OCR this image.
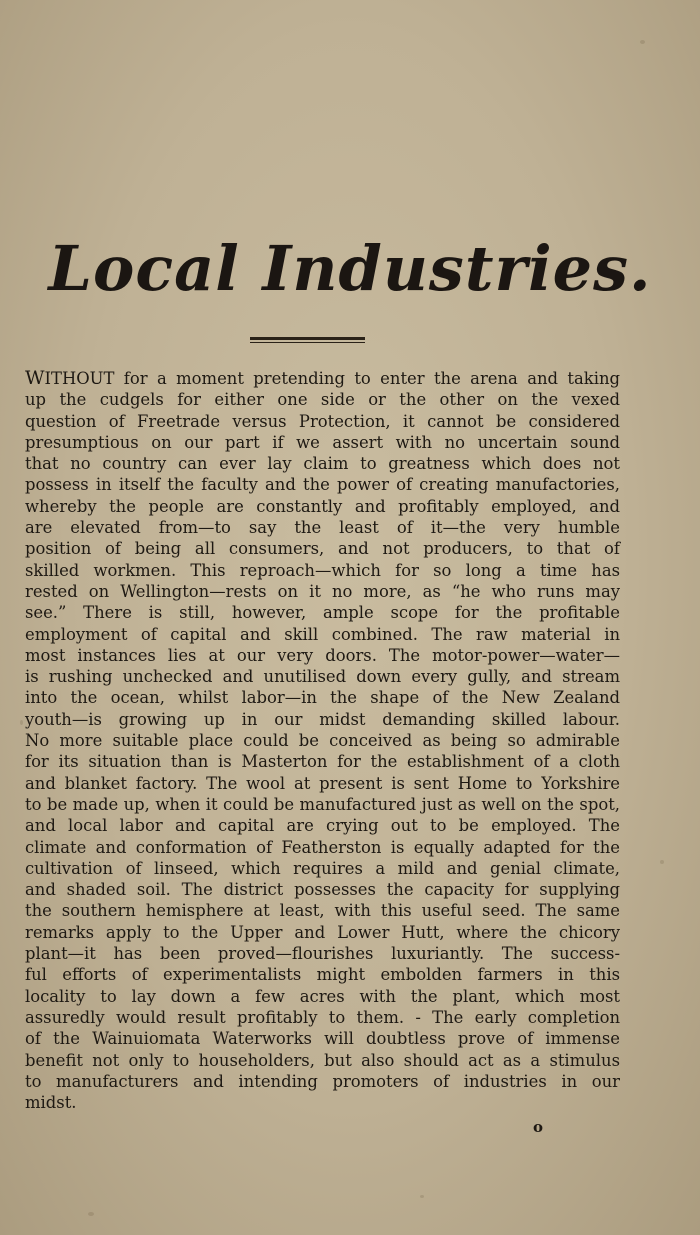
Local Industries.
WITHOUT for a moment pretending to enter the arena and taking
up the cudgels for either one side or the other on the vexed
question of Freetrade versus Protection, it cannot be considered
presumptious on our part if we assert with no uncertain sound
that no country can ever lay claim to greatness which does not
possess in itself the faculty and the power of creating manufactories,
whereby the people are constantly and profitably employed, and
are elevated from—to say the least of it—the very humble
position of being all consumers, and not producers, to that of
skilled workmen. This reproach—which for so long a time has
rested on Wellington—rests on it no more, as “he who runs may
see.” There is still, however, ample scope for the profitable
employment of capital and skill combined. The raw material in
most instances lies at our very doors. The motor-power—water—
is rushing unchecked and unutilised down every gully, and stream
into the ocean, whilst labor—in the shape of the New Zealand
youth—is growing up in our midst demanding skilled labour.
No more suitable place could be conceived as being so admirable
for its situation than is Masterton for the establishment of a cloth
and blanket factory. The wool at present is sent Home to Yorkshire
to be made up, when it could be manufactured just as well on the spot,
and local labor and capital are crying out to be employed. The
climate and conformation of Featherston is equally adapted for the
cultivation of linseed, which requires a mild and genial climate,
and shaded soil. The district possesses the capacity for supplying
the southern hemisphere at least, with this useful seed. The same
remarks apply to the Upper and Lower Hutt, where the chicory
plant—it has been proved—flourishes luxuriantly. The success-
ful efforts of experimentalists might embolden farmers in this
locality to lay down a few acres with the plant, which most
assuredly would result profitably to them. - The early completion
of the Wainuiomata Waterworks will doubtless prove of immense
benefit not only to householders, but also should act as a stimulus
to manufacturers and intending promoters of industries in our
midst.
o
